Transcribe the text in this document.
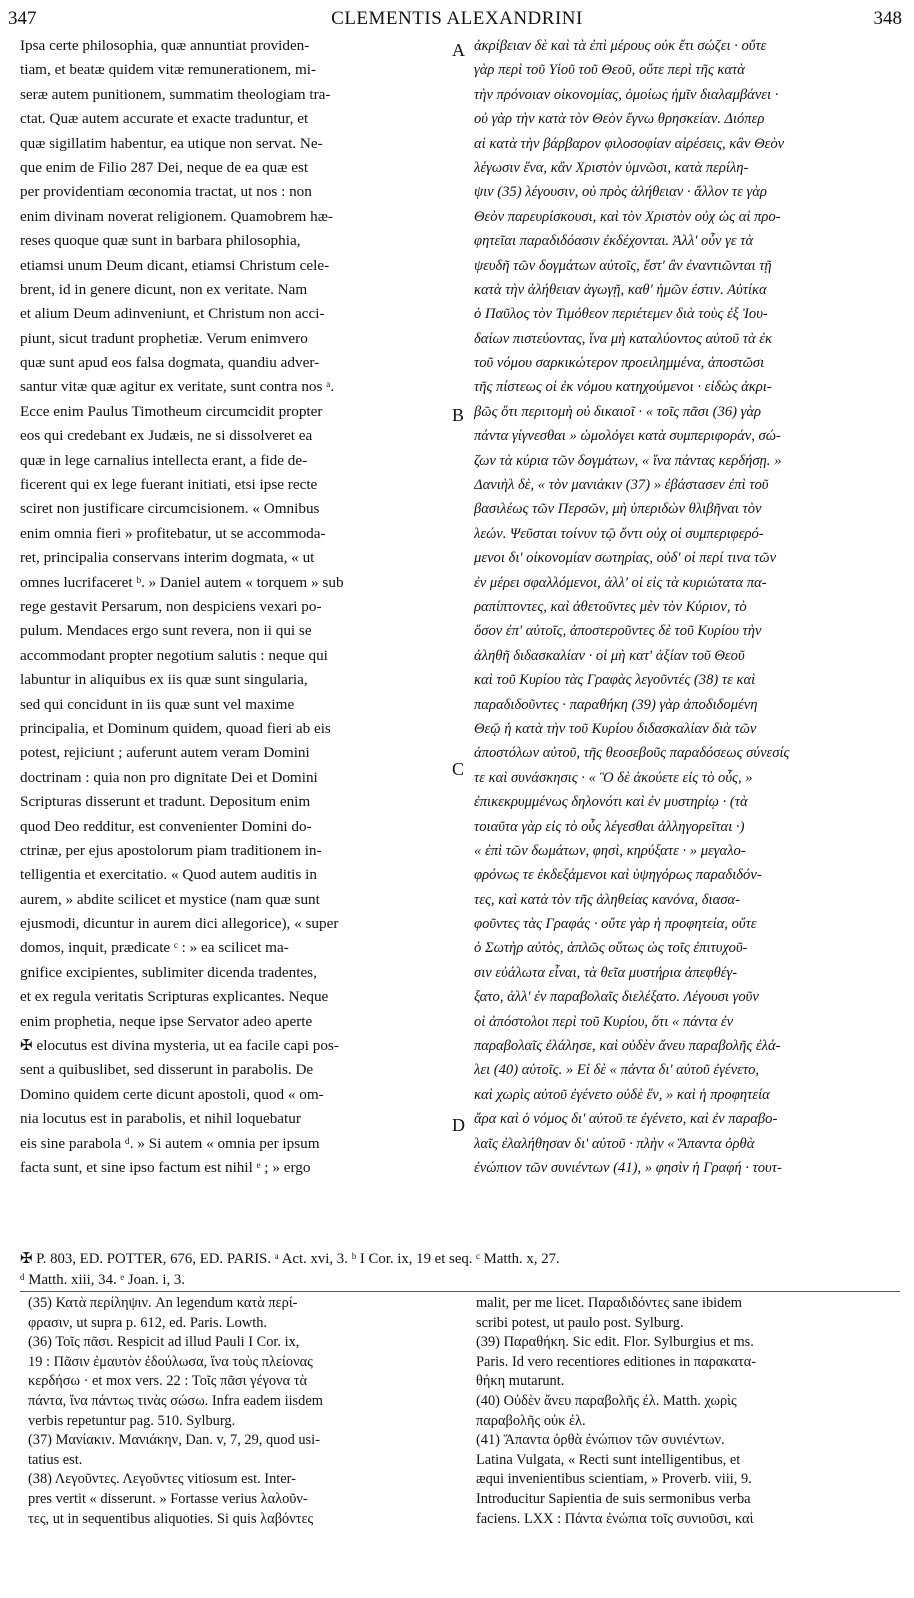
347	CLEMENTIS ALEXANDRINI	348
Ipsa certe philosophia, quæ annuntiat providen-
tiam, et beatæ quidem vitæ remunerationem, mi-
seræ autem punitionem, summatim theologiam tra-
ctat. Quæ autem accurate et exacte traduntur, et
quæ sigillatim habentur, ea utique non servat. Ne-
que enim de Filio 287 Dei, neque de ea quæ est
per providentiam œconomia tractat, ut nos : non
enim divinam noverat religionem. Quamobrem hæ-
reses quoque quæ sunt in barbara philosophia,
etiamsi unum Deum dicant, etiamsi Christum cele-
brent, id in genere dicunt, non ex veritate. Nam
et alium Deum adinveniunt, et Christum non acci-
piunt, sicut tradunt prophetiæ. Verum enimvero
quæ sunt apud eos falsa dogmata, quandiu adver-
santur vitæ quæ agitur ex veritate, sunt contra nos ᵃ.
Ecce enim Paulus Timotheum circumcidit propter
eos qui credebant ex Judæis, ne si dissolveret ea
quæ in lege carnalius intellecta erant, a fide de-
ficerent qui ex lege fuerant initiati, etsi ipse recte
sciret non justificare circumcisionem. « Omnibus
enim omnia fieri » profitebatur, ut se accommoda-
ret, principalia conservans interim dogmata, « ut
omnes lucrifaceret ᵇ. » Daniel autem « torquem » sub
rege gestavit Persarum, non despiciens vexari po-
pulum. Mendaces ergo sunt revera, non ii qui se
accommodant propter negotium salutis : neque qui
labuntur in aliquibus ex iis quæ sunt singularia,
sed qui concidunt in iis quæ sunt vel maxime
principalia, et Dominum quidem, quoad fieri ab eis
potest, rejiciunt ; auferunt autem veram Domini
doctrinam : quia non pro dignitate Dei et Domini
Scripturas disserunt et tradunt. Depositum enim
quod Deo redditur, est convenienter Domini do-
ctrinæ, per ejus apostolorum piam traditionem in-
telligentia et exercitatio. « Quod autem auditis in
aurem, » abdite scilicet et mystice (nam quæ sunt
ejusmodi, dicuntur in aurem dici allegorice), « super
domos, inquit, prædicate ᶜ : » ea scilicet ma-
gnifice excipientes, sublimiter dicenda tradentes,
et ex regula veritatis Scripturas explicantes. Neque
enim prophetia, neque ipse Servator adeo aperte
✠ elocutus est divina mysteria, ut ea facile capi pos-
sent a quibuslibet, sed disserunt in parabolis. De
Domino quidem certe dicunt apostoli, quod « om-
nia locutus est in parabolis, et nihil loquebatur
eis sine parabola ᵈ. » Si autem « omnia per ipsum
facta sunt, et sine ipso factum est nihil ᵉ ; » ergo
ἀκρίβειαν δὲ καὶ τὰ ἐπὶ μέρους οὐκ ἔτι σώζει · οὔτε
γὰρ περὶ τοῦ Υἱοῦ τοῦ Θεοῦ, οὔτε περὶ τῆς κατὰ
τὴν πρόνοιαν οἰκονομίας, ὁμοίως ἡμῖν διαλαμβάνει ·
οὐ γὰρ τὴν κατὰ τὸν Θεὸν ἔγνω θρησκείαν. Διόπερ
αἱ κατὰ τὴν βάρβαρον φιλοσοφίαν αἱρέσεις, κἂν Θεὸν
λέγωσιν ἕνα, κἂν Χριστὸν ὑμνῶσι, κατὰ περίλη-
ψιν (35) λέγουσιν, οὐ πρὸς ἀλήθειαν · ἄλλον τε γὰρ
Θεὸν παρευρίσκουσι, καὶ τὸν Χριστὸν οὐχ ὡς αἱ προ-
φητεῖαι παραδιδόασιν ἐκδέχονται. Ἀλλ' οὖν γε τὰ
ψευδῆ τῶν δογμάτων αὐτοῖς, ἔστ' ἂν ἐναντιῶνται τῇ
κατὰ τὴν ἀλήθειαν ἀγωγῇ, καθ' ἡμῶν ἐστιν. Αὐτίκα
ὁ Παῦλος τὸν Τιμόθεον περιέτεμεν διὰ τοὺς ἐξ Ἰου-
δαίων πιστεύοντας, ἵνα μὴ καταλύοντος αὐτοῦ τὰ ἐκ
τοῦ νόμου σαρκικώτερον προειλημμένα, ἀποστῶσι
τῆς πίστεως οἱ ἐκ νόμου κατηχούμενοι · εἰδὼς ἀκρι-
βῶς ὅτι περιτομὴ οὐ δικαιοῖ · « τοῖς πᾶσι (36) γὰρ
πάντα γίγνεσθαι » ὡμολόγει κατὰ συμπεριφοράν, σώ-
ζων τὰ κύρια τῶν δογμάτων, « ἵνα πάντας κερδήσῃ. »
Δανιὴλ δὲ, « τὸν μανιάκιν (37) » ἐβάστασεν ἐπὶ τοῦ
βασιλέως τῶν Περσῶν, μὴ ὑπεριδὼν θλιβῆναι τὸν
λεών. Ψεῦσται τοίνυν τῷ ὄντι οὐχ οἱ συμπεριφερό-
μενοι δι' οἰκονομίαν σωτηρίας, οὐδ' οἱ περί τινα τῶν
ἐν μέρει σφαλλόμενοι, ἀλλ' οἱ εἰς τὰ κυριώτατα πα-
ραπίπτοντες, καὶ ἀθετοῦντες μὲν τὸν Κύριον, τὸ
ὅσον ἐπ' αὐτοῖς, ἀποστεροῦντες δὲ τοῦ Κυρίου τὴν
ἀληθῆ διδασκαλίαν · οἱ μὴ κατ' ἀξίαν τοῦ Θεοῦ
καὶ τοῦ Κυρίου τὰς Γραφὰς λεγοῦντές (38) τε καὶ
παραδιδοῦντες · παραθήκη (39) γὰρ ἀποδιδομένη
Θεῷ ἡ κατὰ τὴν τοῦ Κυρίου διδασκαλίαν διὰ τῶν
ἀποστόλων αὐτοῦ, τῆς θεοσεβοῦς παραδόσεως σύνεσίς
τε καὶ συνάσκησις · « Ὃ δὲ ἀκούετε εἰς τὸ οὖς, »
ἐπικεκρυμμένως δηλονότι καὶ ἐν μυστηρίῳ · (τὰ
τοιαῦτα γὰρ εἰς τὸ οὖς λέγεσθαι ἀλληγορεῖται ·)
« ἐπὶ τῶν δωμάτων, φησὶ, κηρύξατε · » μεγαλο-
φρόνως τε ἐκδεξάμενοι καὶ ὑψηγόρως παραδιδόν-
τες, καὶ κατὰ τὸν τῆς ἀληθείας κανόνα, διασα-
φοῦντες τὰς Γραφάς · οὔτε γὰρ ἡ προφητεία, οὔτε
ὁ Σωτὴρ αὐτὸς, ἁπλῶς οὕτως ὡς τοῖς ἐπιτυχοῦ-
σιν εὐάλωτα εἶναι, τὰ θεῖα μυστήρια ἀπεφθέγ-
ξατο, ἀλλ' ἐν παραβολαῖς διελέξατο. Λέγουσι γοῦν
οἱ ἀπόστολοι περὶ τοῦ Κυρίου, ὅτι « πάντα ἐν
παραβολαῖς ἐλάλησε, καὶ οὐδὲν ἄνευ παραβολῆς ἐλά-
λει (40) αὐτοῖς. » Εἰ δὲ « πάντα δι' αὐτοῦ ἐγένετο,
καὶ χωρὶς αὐτοῦ ἐγένετο οὐδὲ ἕν, » καὶ ἡ προφητεία
ἄρα καὶ ὁ νόμος δι' αὐτοῦ τε ἐγένετο, καὶ ἐν παραβο-
λαῖς ἐλαλήθησαν δι' αὐτοῦ · πλὴν « Ἅπαντα ὀρθὰ
ἐνώπιον τῶν συνιέντων (41), » φησὶν ἡ Γραφή · τουτ-
A
B
C
D
✠ P. 803, ED. POTTER, 676, ED. PARIS. ᵃ Act. xvi, 3. ᵇ I Cor. ix, 19 et seq. ᶜ Matth. x, 27.
ᵈ Matth. xiii, 34. ᵉ Joan. i, 3.
(35) Κατὰ περίληψιν. An legendum κατὰ περί-
φρασιν, ut supra p. 612, ed. Paris. Lowth.
(36) Τοῖς πᾶσι. Respicit ad illud Pauli I Cor. ix,
19 : Πᾶσιν ἐμαυτὸν ἐδούλωσα, ἵνα τοὺς πλείονας
κερδήσω · et mox vers. 22 : Τοῖς πᾶσι γέγονα τὰ
πάντα, ἵνα πάντως τινὰς σώσω. Infra eadem iisdem
verbis repetuntur pag. 510. Sylburg.
(37) Μανίακιν. Μανιάκην, Dan. v, 7, 29, quod usi-
tatius est.
(38) Λεγοῦντες. Λεγοῦντες vitiosum est. Inter-
pres vertit « disserunt. » Fortasse verius λαλοῦν-
τες, ut in sequentibus aliquoties. Si quis λαβόντες
malit, per me licet. Παραδιδόντες sane ibidem
scribi potest, ut paulo post. Sylburg.
(39) Παραθήκη. Sic edit. Flor. Sylburgius et ms.
Paris. Id vero recentiores editiones in παρακατα-
θήκη mutarunt.
(40) Οὐδὲν ἄνευ παραβολῆς ἐλ. Matth. χωρὶς
παραβολῆς οὐκ ἐλ.
(41) Ἅπαντα ὀρθὰ ἐνώπιον τῶν συνιέντων.
Latina Vulgata, « Recti sunt intelligentibus, et
æqui invenientibus scientiam, » Proverb. viii, 9.
Introducitur Sapientia de suis sermonibus verba
faciens. LXX : Πάντα ἐνώπια τοῖς συνιοῦσι, καὶ
